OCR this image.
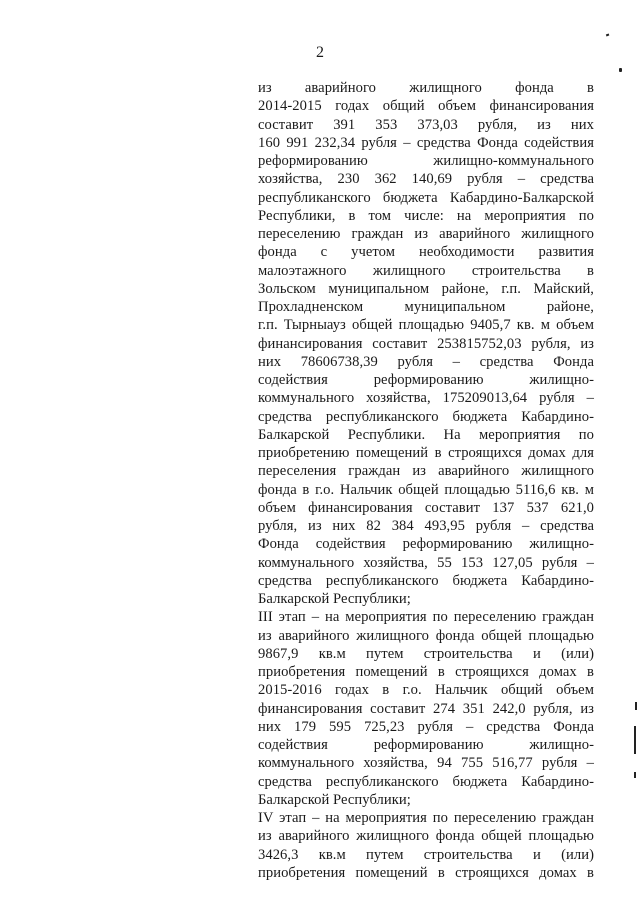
2
из аварийного жилищного фонда в
2014-2015 годах общий объем финансирования
составит 391 353 373,03 рубля, из них
160 991 232,34 рубля – средства Фонда содействия
реформированию жилищно-коммунального
хозяйства, 230 362 140,69 рубля – средства
республиканского бюджета Кабардино-Балкарской
Республики, в том числе: на мероприятия по
переселению граждан из аварийного жилищного
фонда с учетом необходимости развития
малоэтажного жилищного строительства в
Зольском муниципальном районе, г.п. Майский,
Прохладненском муниципальном районе,
г.п. Тырныауз общей площадью 9405,7 кв. м объем
финансирования составит 253815752,03 рубля, из
них 78606738,39 рубля – средства Фонда
содействия реформированию жилищно-
коммунального хозяйства, 175209013,64 рубля –
средства республиканского бюджета Кабардино-
Балкарской Республики. На мероприятия по
приобретению помещений в строящихся домах для
переселения граждан из аварийного жилищного
фонда в г.о. Нальчик общей площадью 5116,6 кв. м
объем финансирования составит 137 537 621,0
рубля, из них 82 384 493,95 рубля – средства
Фонда содействия реформированию жилищно-
коммунального хозяйства, 55 153 127,05 рубля –
средства республиканского бюджета Кабардино-
Балкарской Республики;
III этап – на мероприятия по переселению граждан
из аварийного жилищного фонда общей площадью
9867,9 кв.м путем строительства и (или)
приобретения помещений в строящихся домах в
2015-2016 годах в г.о. Нальчик общий объем
финансирования составит 274 351 242,0 рубля, из
них 179 595 725,23 рубля – средства Фонда
содействия реформированию жилищно-
коммунального хозяйства, 94 755 516,77 рубля –
средства республиканского бюджета Кабардино-
Балкарской Республики;
IV этап – на мероприятия по переселению граждан
из аварийного жилищного фонда общей площадью
3426,3 кв.м путем строительства и (или)
приобретения помещений в строящихся домах в
